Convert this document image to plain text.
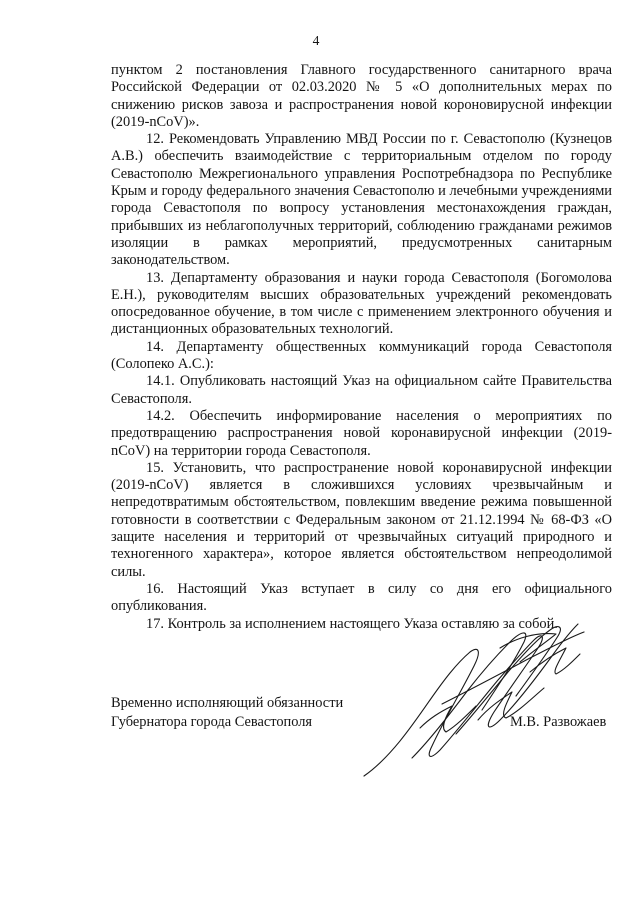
4

пунктом 2 постановления Главного государственного санитарного врача Российской Федерации от 02.03.2020 № 5 «О дополнительных мерах по снижению рисков завоза и распространения новой короновирусной инфекции (2019-nCoV)».

12. Рекомендовать Управлению МВД России по г. Севастополю (Кузнецов А.В.) обеспечить взаимодействие с территориальным отделом по городу Севастополю Межрегионального управления Роспотребнадзора по Республике Крым и городу федерального значения Севастополю и лечебными учреждениями города Севастополя по вопросу установления местонахождения граждан, прибывших из неблагополучных территорий, соблюдению гражданами режимов изоляции в рамках мероприятий, предусмотренных санитарным законодательством.

13. Департаменту образования и науки города Севастополя (Богомолова Е.Н.), руководителям высших образовательных учреждений рекомендовать опосредованное обучение, в том числе с применением электронного обучения и дистанционных образовательных технологий.

14. Департаменту общественных коммуникаций города Севастополя (Солопеко А.С.):

14.1. Опубликовать настоящий Указ на официальном сайте Правительства Севастополя.

14.2. Обеспечить информирование населения о мероприятиях по предотвращению распространения новой коронавирусной инфекции (2019-nCoV) на территории города Севастополя.

15. Установить, что распространение новой коронавирусной инфекции (2019-nCoV) является в сложившихся условиях чрезвычайным и непредотвратимым обстоятельством, повлекшим введение режима повышенной готовности в соответствии с Федеральным законом от 21.12.1994 № 68-ФЗ «О защите населения и территорий от чрезвычайных ситуаций природного и техногенного характера», которое является обстоятельством непреодолимой силы.

16. Настоящий Указ вступает в силу со дня его официального опубликования.

17. Контроль за исполнением настоящего Указа оставляю за собой.

Временно исполняющий обязанности
Губернатора города Севастополя	М.В. Развожаев
